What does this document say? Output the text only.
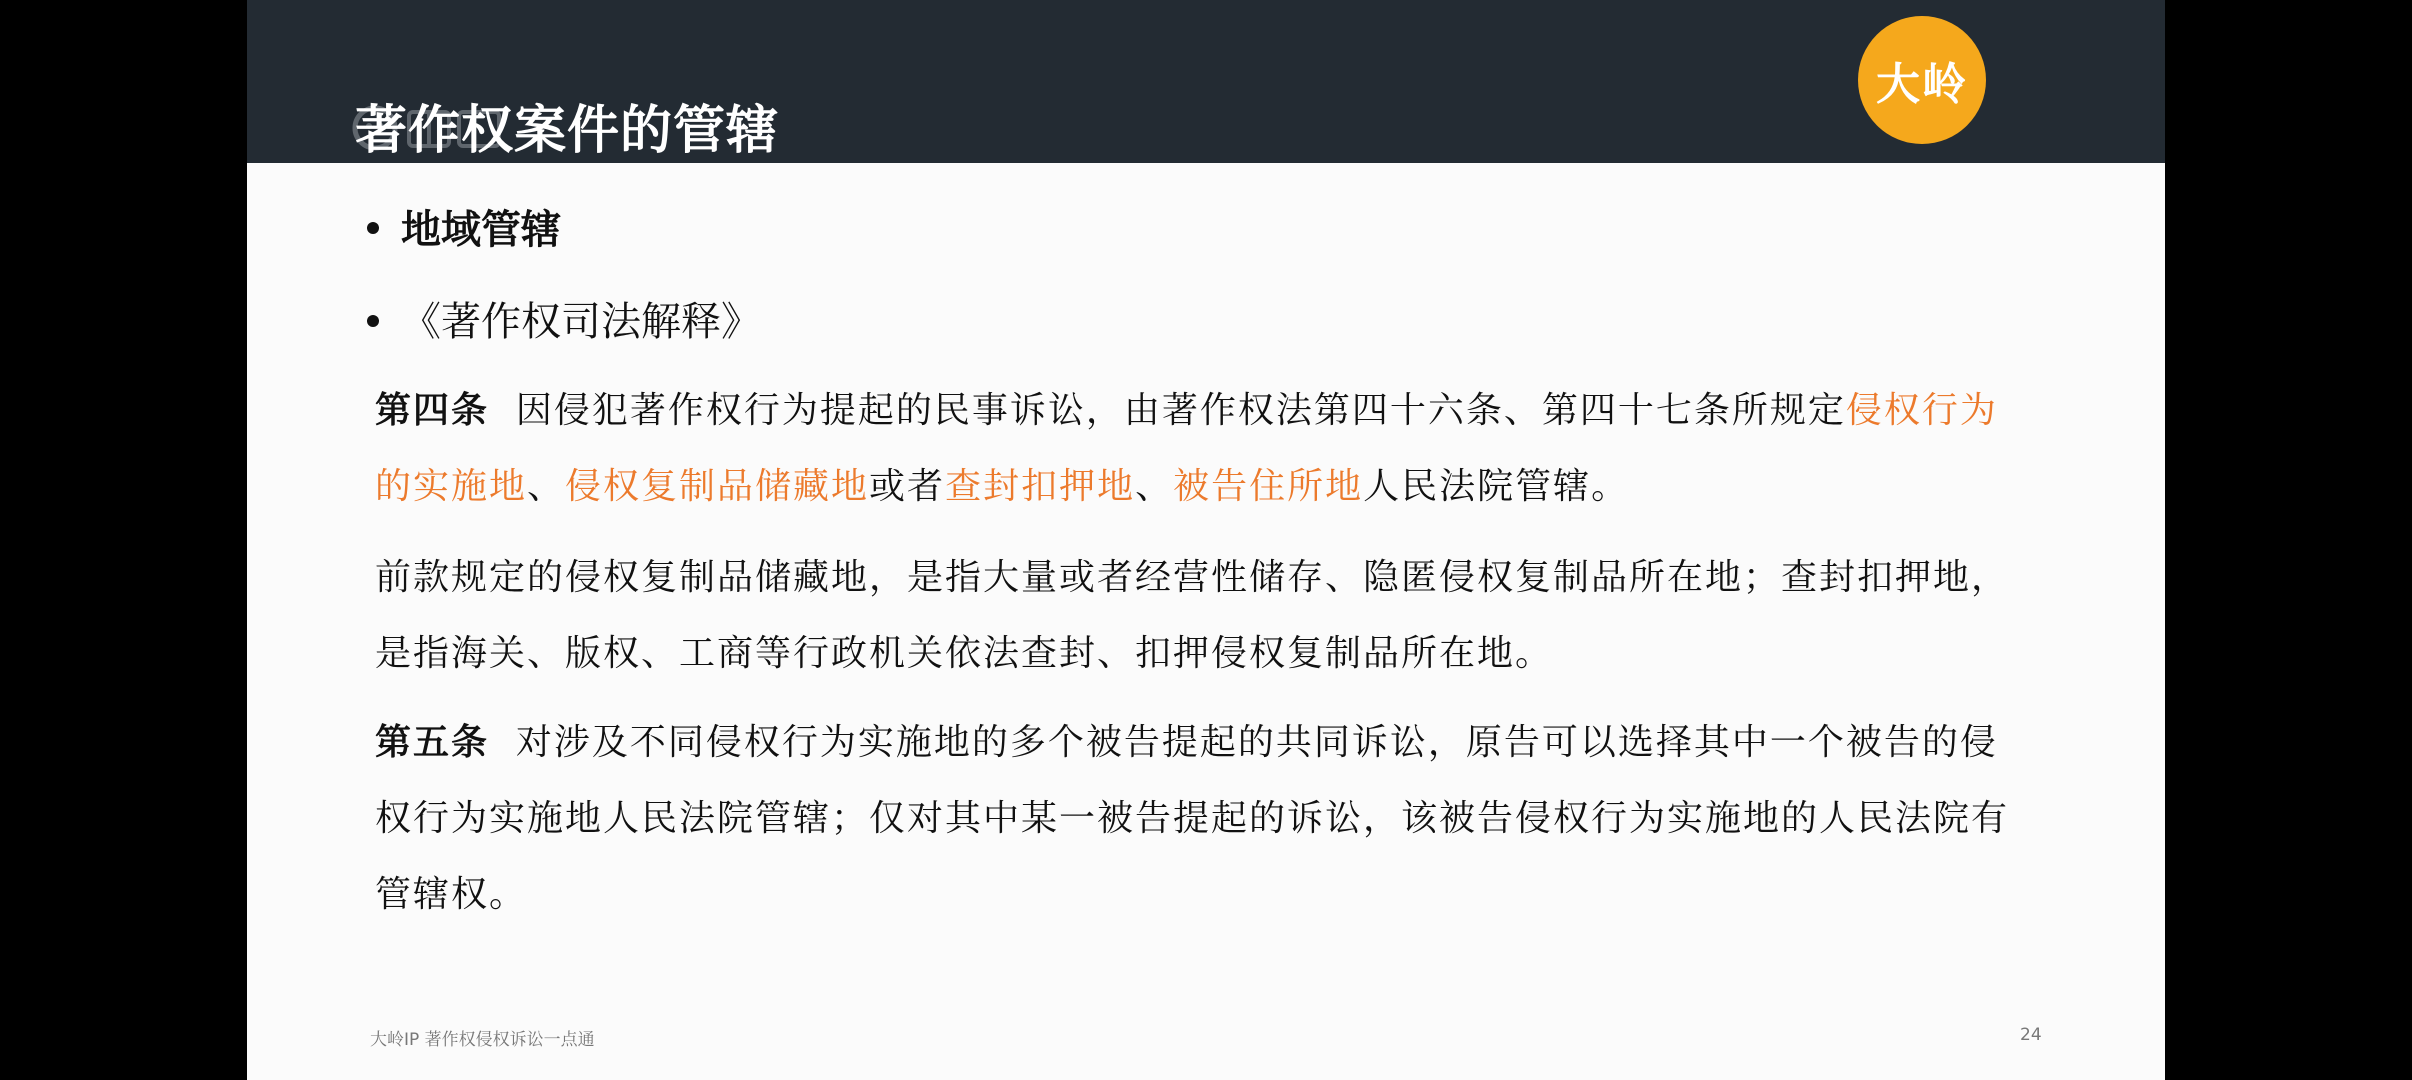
著作权案件的管辖
大岭
地域管辖
《著作权司法解释》
第四条 因侵犯著作权行为提起的民事诉讼，由著作权法第四十六条、第四十七条所规定侵权行为的实施地、侵权复制品储藏地或者查封扣押地、被告住所地人民法院管辖。
前款规定的侵权复制品储藏地，是指大量或者经营性储存、隐匿侵权复制品所在地；查封扣押地，是指海关、版权、工商等行政机关依法查封、扣押侵权复制品所在地。
第五条 对涉及不同侵权行为实施地的多个被告提起的共同诉讼，原告可以选择其中一个被告的侵权行为实施地人民法院管辖；仅对其中某一被告提起的诉讼，该被告侵权行为实施地的人民法院有管辖权。
大岭IP 著作权侵权诉讼一点通	24
